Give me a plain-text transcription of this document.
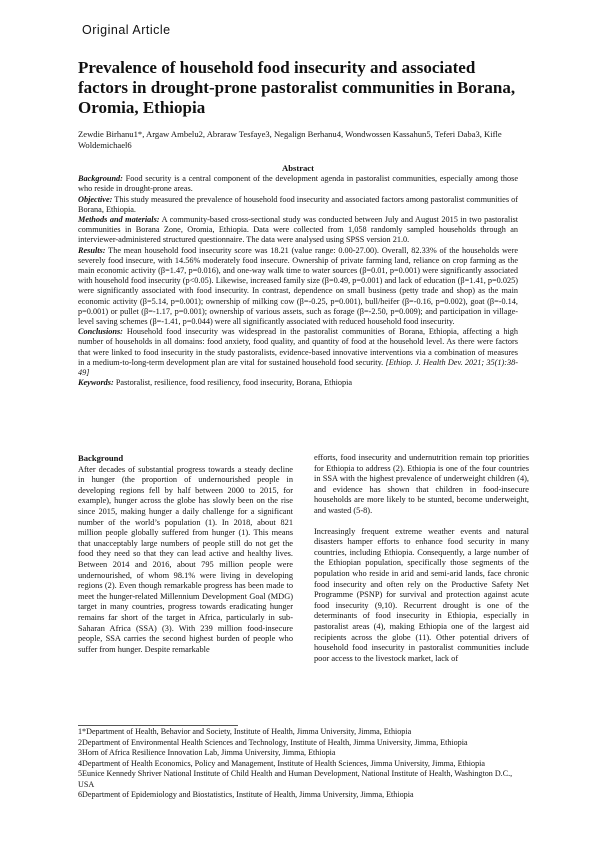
Original Article
Prevalence of household food insecurity and associated factors in drought-prone pastoralist communities in Borana, Oromia, Ethiopia
Zewdie Birhanu1*, Argaw Ambelu2, Abraraw Tesfaye3, Negalign Berhanu4, Wondwossen Kassahun5, Teferi Daba3, Kifle Woldemichael6
Abstract

Background: Food security is a central component of the development agenda in pastoralist communities, especially among those who reside in drought-prone areas.

Objective: This study measured the prevalence of household food insecurity and associated factors among pastoralist communities of Borana, Ethiopia.

Methods and materials: A community-based cross-sectional study was conducted between July and August 2015 in two pastoralist communities in Borana Zone, Oromia, Ethiopia. Data were collected from 1,058 randomly sampled households through an interviewer-administered structured questionnaire. The data were analysed using SPSS version 21.0.

Results: The mean household food insecurity score was 18.21 (value range: 0.00-27.00). Overall, 82.33% of the households were severely food insecure, with 14.56% moderately food insecure. Ownership of private farming land, reliance on crop farming as the main economic activity (β=1.47, p=0.016), and one-way walk time to water sources (β=0.01, p=0.001) were significantly associated with household food insecurity (p<0.05). Likewise, increased family size (β=0.49, p=0.001) and lack of education (β=1.41, p=0.025) were significantly associated with food insecurity. In contrast, dependence on small business (petty trade and shop) as the main economic activity (β=5.14, p=0.001); ownership of milking cow (β=-0.25, p=0.001), bull/heifer (β=-0.16, p=0.002), goat (β=-0.14, p=0.001) or pullet (β=-1.17, p=0.001); ownership of various assets, such as forage (β=-2.50, p=0.009); and participation in village-level saving schemes (β=-1.41, p=0.044) were all significantly associated with reduced household food insecurity.

Conclusions: Household food insecurity was widespread in the pastoralist communities of Borana, Ethiopia, affecting a high number of households in all domains: food anxiety, food quality, and quantity of food at the household level. As there were factors that were linked to food insecurity in the study pastoralists, evidence-based innovative interventions via a combination of measures in a medium-to-long-term development plan are vital for sustained household food security. [Ethiop. J. Health Dev. 2021; 35(1):38-49]

Keywords: Pastoralist, resilience, food resiliency, food insecurity, Borana, Ethiopia

Background

After decades of substantial progress towards a steady decline in hunger (the proportion of undernourished people in developing regions fell by half between 2000 to 2015, for example), hunger across the globe has slowly been on the rise since 2015, making hunger a daily challenge for a significant number of the world’s population (1). In 2018, about 821 million people globally suffered from hunger (1). This means that unacceptably large numbers of people still do not get the food they need so that they can lead active and healthy lives. Between 2014 and 2016, about 795 million people were undernourished, of whom 98.1% were living in developing regions (2). Even though remarkable progress has been made to meet the hunger-related Millennium Development Goal (MDG) target in many countries, progress towards eradicating hunger remains far short of the target in Africa, particularly in sub-Saharan Africa (SSA) (3). With 239 million food-insecure people, SSA carries the second highest burden of people who suffer from hunger. Despite remarkable

efforts, food insecurity and undernutrition remain top priorities for Ethiopia to address (2). Ethiopia is one of the four countries in SSA with the highest prevalence of underweight children (4), and evidence has shown that children in food-insecure households are more likely to be stunted, become underweight, and wasted (5-8).

Increasingly frequent extreme weather events and natural disasters hamper efforts to enhance food security in many countries, including Ethiopia. Consequently, a large number of the Ethiopian population, specifically those segments of the population who reside in arid and semi-arid lands, face chronic food insecurity and often rely on the Productive Safety Net Programme (PSNP) for survival and protection against acute food insecurity (9,10). Recurrent drought is one of the determinants of food insecurity in Ethiopia, especially in pastoralist areas (4), making Ethiopia one of the largest aid recipients across the globe (11). Other potential drivers of household food insecurity in pastoralist communities include poor access to the livestock market, lack of

1*Department of Health, Behavior and Society, Institute of Health, Jimma University, Jimma, Ethiopia
2Department of Environmental Health Sciences and Technology, Institute of Health, Jimma University, Jimma, Ethiopia
3Horn of Africa Resilience Innovation Lab, Jimma University, Jimma, Ethiopia
4Department of Health Economics, Policy and Management, Institute of Health Sciences, Jimma University, Jimma, Ethiopia
5Eunice Kennedy Shriver National Institute of Child Health and Human Development, National Institute of Health, Washington D.C., USA
6Department of Epidemiology and Biostatistics, Institute of Health, Jimma University, Jimma, Ethiopia
